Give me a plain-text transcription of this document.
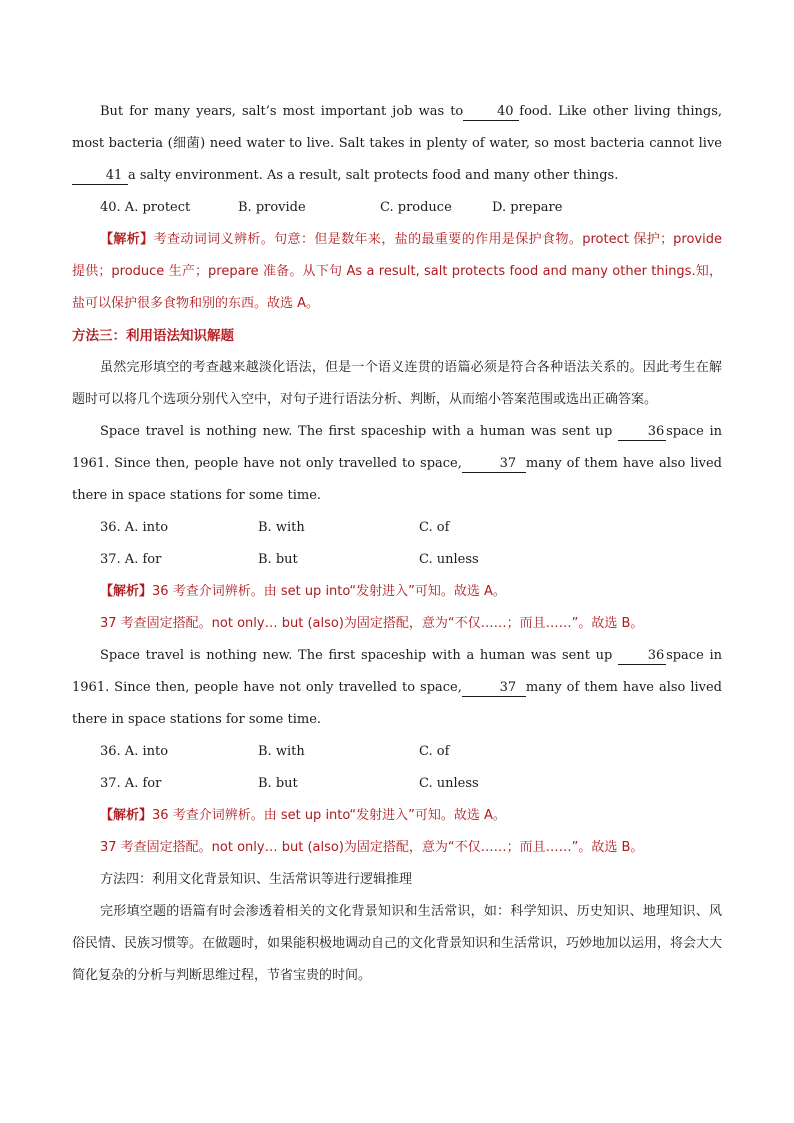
But for many years, salt’s most important job was to	40 food. Like other living things, most bacteria (细菌) need water to live. Salt takes in plenty of water, so most bacteria cannot live41 a salty environment. As a result, salt protects food and many other things.

40. A. protect	B. provide	C. produce	D. prepare

【解析】考查动词词义辨析。句意：但是数年来，盐的最重要的作用是保护食物。protect 保护；provide 提供；produce 生产；prepare 准备。从下句 As a result, salt protects food and many other things.知，盐可以保护很多食物和别的东西。故选 A。

方法三：利用语法知识解题

虽然完形填空的考查越来越淡化语法，但是一个语义连贯的语篇必须是符合各种语法关系的。因此考生在解题时可以将几个选项分别代入空中，对句子进行语法分析、判断，从而缩小答案范围或选出正确答案。

Space travel is nothing new. The first spaceship with a human was sent up	36 space in 1961. Since then, people have not only travelled to space,	37 many of them have also lived there in space stations for some time.

36. A. into	B. with	C. of
37. A. for	B. but	C. unless

【解析】36 考查介词辨析。由 set up into“发射进入”可知。故选 A。

37 考查固定搭配。not only… but (also)为固定搭配，意为“不仅……；而且……”。故选 B。

Space travel is nothing new. The first spaceship with a human was sent up	36 space in 1961. Since then, people have not only travelled to space,	37 many of them have also lived there in space stations for some time.

36. A. into	B. with	C. of
37. A. for	B. but	C. unless

【解析】36 考查介词辨析。由 set up into“发射进入”可知。故选 A。

37 考查固定搭配。not only… but (also)为固定搭配，意为“不仅……；而且……”。故选 B。

方法四：利用文化背景知识、生活常识等进行逻辑推理

完形填空题的语篇有时会渗透着相关的文化背景知识和生活常识，如：科学知识、历史知识、地理知识、风俗民情、民族习惯等。在做题时，如果能积极地调动自己的文化背景知识和生活常识，巧妙地加以运用，将会大大简化复杂的分析与判断思维过程，节省宝贵的时间。
